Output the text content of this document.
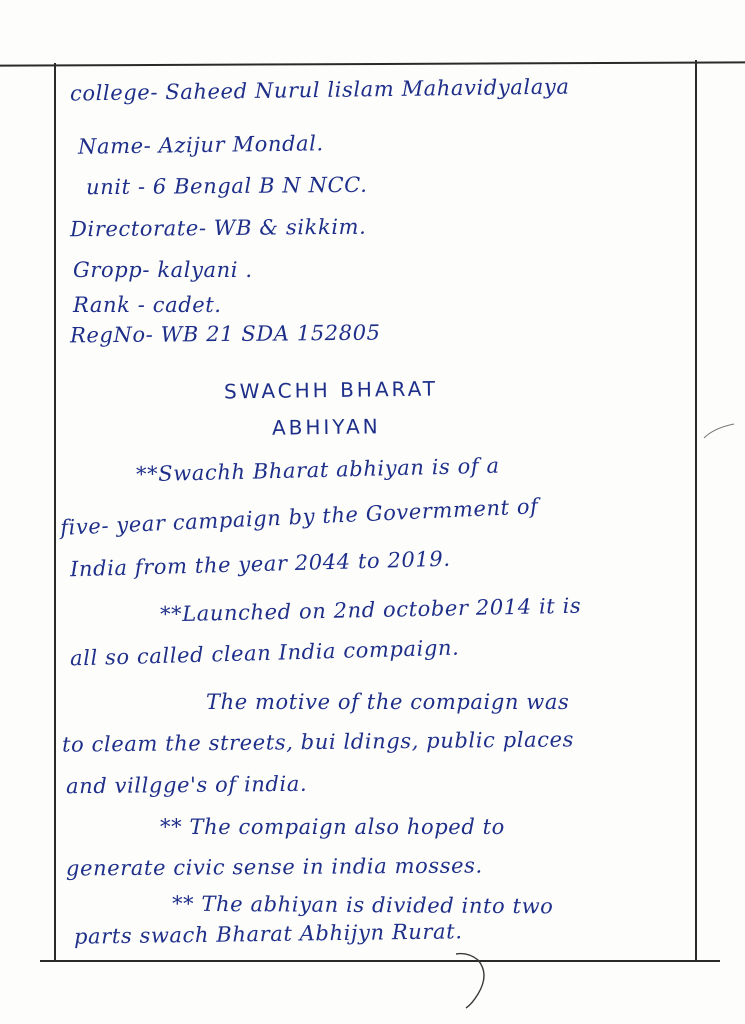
college- Saheed Nurul lislam Mahavidyalaya
Name- Azijur Mondal.
unit - 6 Bengal B N NCC.
Directorate- WB & sikkim.
Gropp- kalyani .
Rank - cadet.
RegNo- WB 21 SDA 152805
SWACHH BHARAT
ABHIYAN
**Swachh Bharat abhiyan is of a
five- year campaign by the Govermment of
India from the year 2044 to 2019.
**Launched on 2nd october 2014 it is
all so called clean India compaign.
The motive of the compaign was
to cleam the streets, bui ldings, public places
and villgge's of india.
** The compaign also hoped to
generate civic sense in india mosses.
** The abhiyan is divided into two
parts swach Bharat Abhijyn Rurat.
